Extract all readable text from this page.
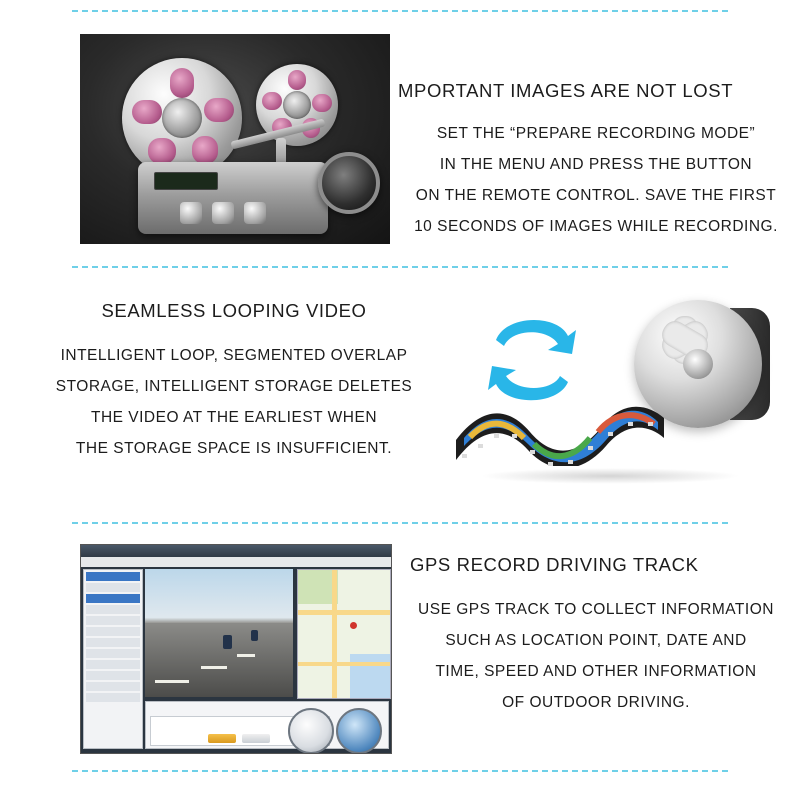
MPORTANT IMAGES ARE NOT LOST
SET THE “PREPARE RECORDING MODE”
IN THE MENU AND PRESS THE BUTTON
ON THE REMOTE CONTROL. SAVE THE FIRST
10 SECONDS OF IMAGES WHILE RECORDING.
SEAMLESS LOOPING VIDEO
INTELLIGENT LOOP, SEGMENTED OVERLAP
STORAGE, INTELLIGENT STORAGE DELETES
THE VIDEO AT THE EARLIEST WHEN
THE STORAGE SPACE IS INSUFFICIENT.
GPS RECORD DRIVING TRACK
USE GPS TRACK TO COLLECT INFORMATION
SUCH AS LOCATION POINT, DATE AND
TIME, SPEED AND OTHER INFORMATION
OF OUTDOOR DRIVING.
